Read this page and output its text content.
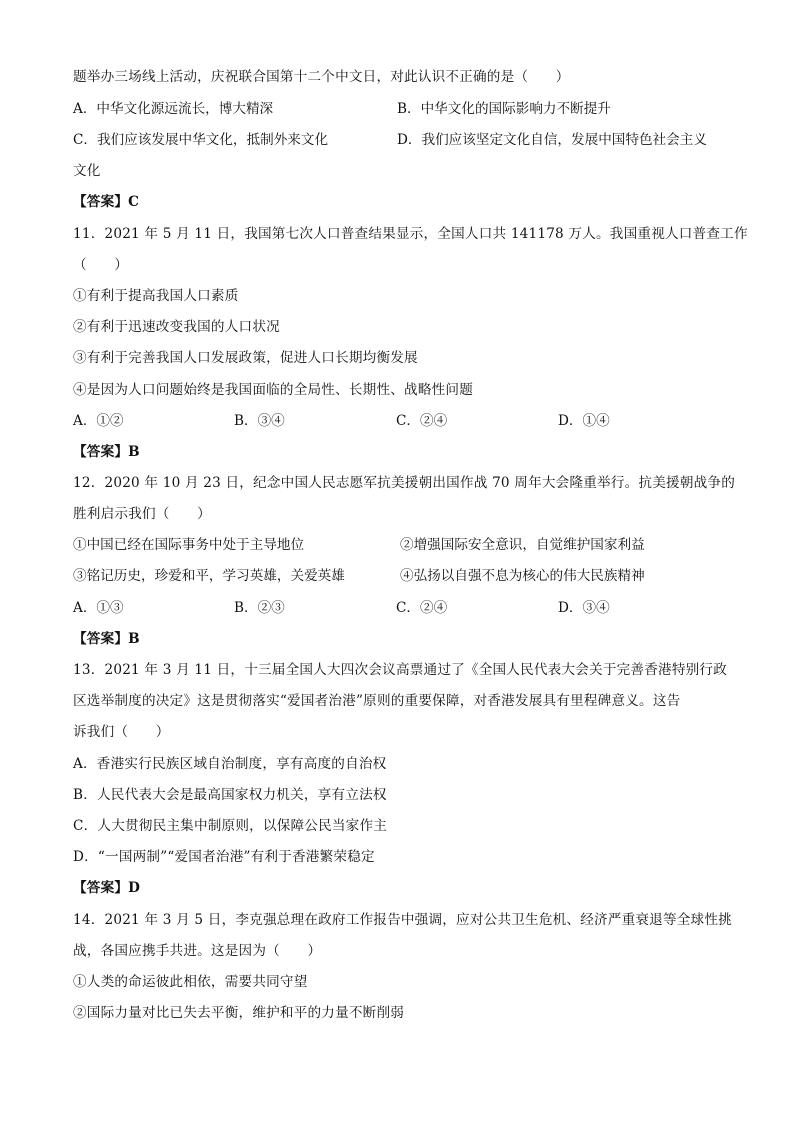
题举办三场线上活动，庆祝联合国第十二个中文日，对此认识不正确的是（　　）
A．中华文化源远流长，博大精深	B．中华文化的国际影响力不断提升
C．我们应该发展中华文化，抵制外来文化	D．我们应该坚定文化自信，发展中国特色社会主义
文化
【答案】C
11．2021 年 5 月 11 日，我国第七次人口普查结果显示，全国人口共 141178 万人。我国重视人口普查工作
（　　）
①有利于提高我国人口素质
②有利于迅速改变我国的人口状况
③有利于完善我国人口发展政策，促进人口长期均衡发展
④是因为人口问题始终是我国面临的全局性、长期性、战略性问题
A．①②	B．③④	C．②④	D．①④
【答案】B
12．2020 年 10 月 23 日，纪念中国人民志愿军抗美援朝出国作战 70 周年大会隆重举行。抗美援朝战争的
胜利启示我们（　　）
①中国已经在国际事务中处于主导地位	②增强国际安全意识，自觉维护国家利益
③铭记历史，珍爱和平，学习英雄，关爱英雄	④弘扬以自强不息为核心的伟大民族精神
A．①③	B．②③	C．②④	D．③④
【答案】B
13．2021 年 3 月 11 日，十三届全国人大四次会议高票通过了《全国人民代表大会关于完善香港特别行政
区选举制度的决定》这是贯彻落实“爱国者治港”原则的重要保障，对香港发展具有里程碑意义。这告
诉我们（　　）
A．香港实行民族区域自治制度，享有高度的自治权
B．人民代表大会是最高国家权力机关，享有立法权
C．人大贯彻民主集中制原则，以保障公民当家作主
D．“一国两制”“爱国者治港”有利于香港繁荣稳定
【答案】D
14．2021 年 3 月 5 日，李克强总理在政府工作报告中强调，应对公共卫生危机、经济严重衰退等全球性挑
战，各国应携手共进。这是因为（　　）
①人类的命运彼此相依，需要共同守望
②国际力量对比已失去平衡，维护和平的力量不断削弱
